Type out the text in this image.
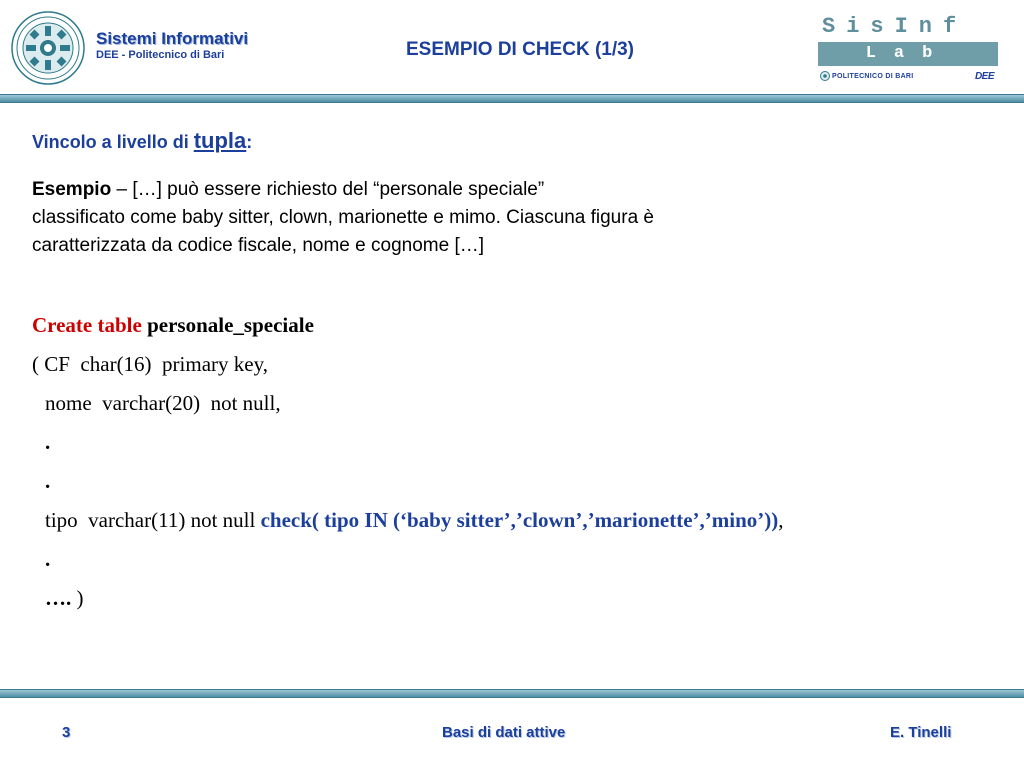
Sistemi Informativi
DEE - Politecnico di Bari	ESEMPIO DI CHECK (1/3)
SisInf
Lab
POLITECNICO DI BARI	DEE
Vincolo a livello di tupla:
Esempio – […] può essere richiesto del “personale speciale”
classificato come baby sitter, clown, marionette e mimo. Ciascuna figura è
caratterizzata da codice fiscale, nome e cognome […]
Create table personale_speciale
( CF  char(16)  primary key,
nome  varchar(20)  not null,
.
.
tipo  varchar(11) not null check( tipo IN (‘baby sitter’,’clown’,’marionette’,’mino’)),
.
…. )
3	Basi di dati attive	E. Tinelli
